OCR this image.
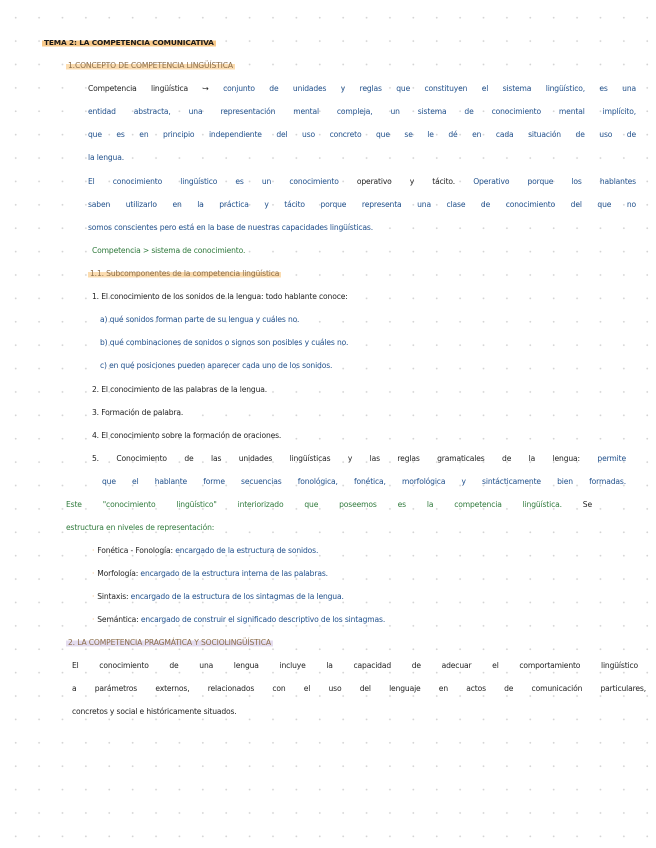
TEMA 2: LA COMPETENCIA COMUNICATIVA
1.CONCEPTO DE COMPETENCIA LINGÜÍSTICA
Competencia lingüística → conjunto de unidades y reglas que constituyen el sistema lingüístico, es una
entidad abstracta, una representación mental compleja, un sistema de conocimiento mental implícito,
que es en principio independiente del uso concreto que se le dé en cada situación de uso de
la lengua.
El conocimiento lingüístico es un conocimiento operativo y tácito. Operativo porque los hablantes
saben utilizarlo en la práctica y tácito porque representa una clase de conocimiento del que no
somos conscientes pero está en la base de nuestras capacidades lingüísticas.
Competencia > sistema de conocimiento.
1.1. Subcomponentes de la competencia lingüística
1. El conocimiento de los sonidos de la lengua: todo hablante conoce:
a) qué sonidos forman parte de su lengua y cuáles no.
b) qué combinaciones de sonidos o signos son posibles y cuáles no.
c) en qué posiciones pueden aparecer cada uno de los sonidos.
2. El conocimiento de las palabras de la lengua.
3. Formación de palabra.
4. El conocimiento sobre la formación de oraciones.
5. Conocimiento de las unidades lingüísticas y las reglas gramaticales de la lengua: permite
que el hablante forme secuencias fonológica, fonética, morfológica y sintácticamente bien formadas.
Este "conocimiento lingüístico" interiorizado que poseemos es la competencia lingüística. Se
estructura en niveles de representación:
· Fonética - Fonología: encargado de la estructura de sonidos.
· Morfología: encargado de la estructura interna de las palabras.
· Sintaxis: encargado de la estructura de los sintagmas de la lengua.
· Semántica: encargado de construir el significado descriptivo de los sintagmas.
2. LA COMPETENCIA PRAGMÁTICA Y SOCIOLINGÜÍSTICA
El conocimiento de una lengua incluye la capacidad de adecuar el comportamiento lingüístico
a parámetros externos, relacionados con el uso del lenguaje en actos de comunicación particulares,
concretos y social e históricamente situados.
